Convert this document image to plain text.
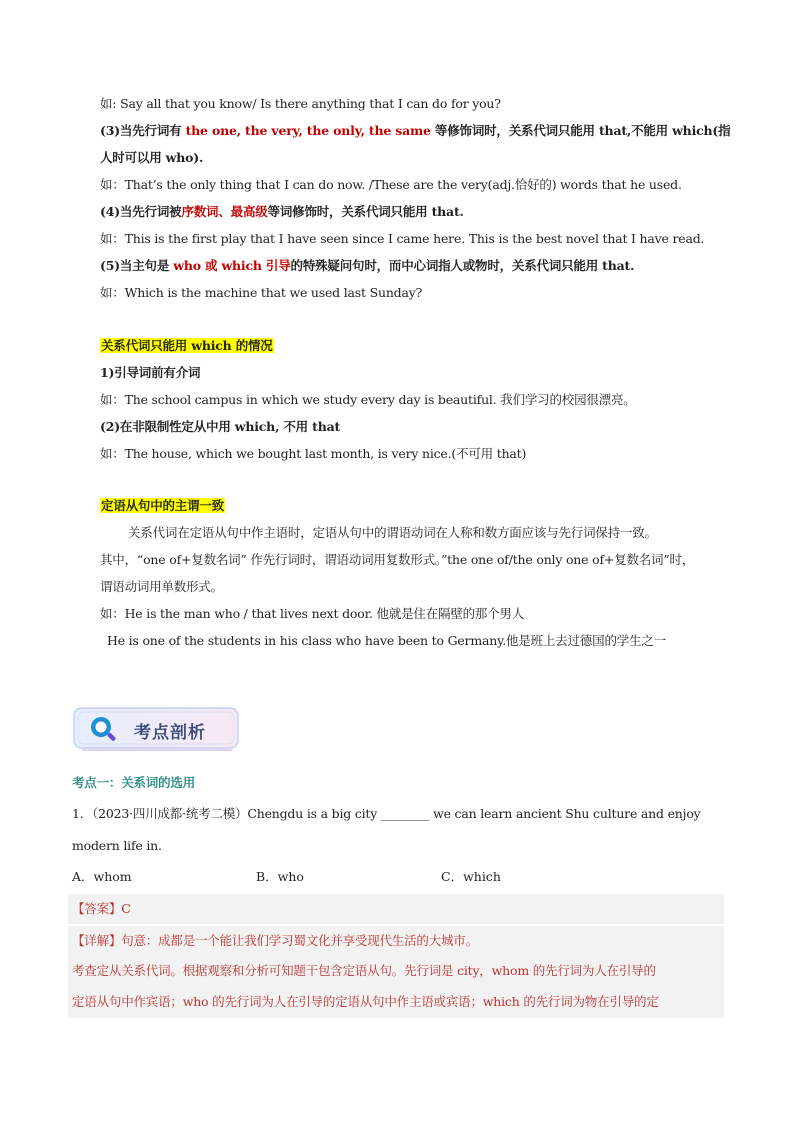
如: Say all that you know/ Is there anything that I can do for you?
(3)当先行词有 the one, the very, the only, the same 等修饰词时，关系代词只能用 that,不能用 which(指
人时可以用 who).
如：That’s the only thing that I can do now. /These are the very(adj.恰好的) words that he used.
(4)当先行词被序数词、最高级等词修饰时，关系代词只能用 that.
如：This is the first play that I have seen since I came here. This is the best novel that I have read.
(5)当主句是 who 或 which 引导的特殊疑问句时，而中心词指人或物时，关系代词只能用 that.
如：Which is the machine that we used last Sunday?
关系代词只能用 which 的情况
1)引导词前有介词
如：The school campus in which we study every day is beautiful. 我们学习的校园很漂亮。
(2)在非限制性定从中用 which, 不用 that
如：The house, which we bought last month, is very nice.(不可用 that)
定语从句中的主谓一致
关系代词在定语从句中作主语时，定语从句中的谓语动词在人称和数方面应该与先行词保持一致。
其中，“one of+复数名词” 作先行词时，谓语动词用复数形式。”the one of/the only one of+复数名词”时，
谓语动词用单数形式。
如：He is the man who / that lives next door. 他就是住在隔壁的那个男人
He is one of the students in his class who have been to Germany.他是班上去过德国的学生之一
考点剖析
考点一：关系词的选用
1．（2023·四川成都·统考二模）Chengdu is a big city ________ we can learn ancient Shu culture and enjoy
modern life in.
A．whom	B．who	C．which
【答案】C
【详解】句意：成都是一个能让我们学习蜀文化并享受现代生活的大城市。
考查定从关系代词。根据观察和分析可知题干包含定语从句。先行词是 city，whom 的先行词为人在引导的
定语从句中作宾语；who 的先行词为人在引导的定语从句中作主语或宾语；which 的先行词为物在引导的定
